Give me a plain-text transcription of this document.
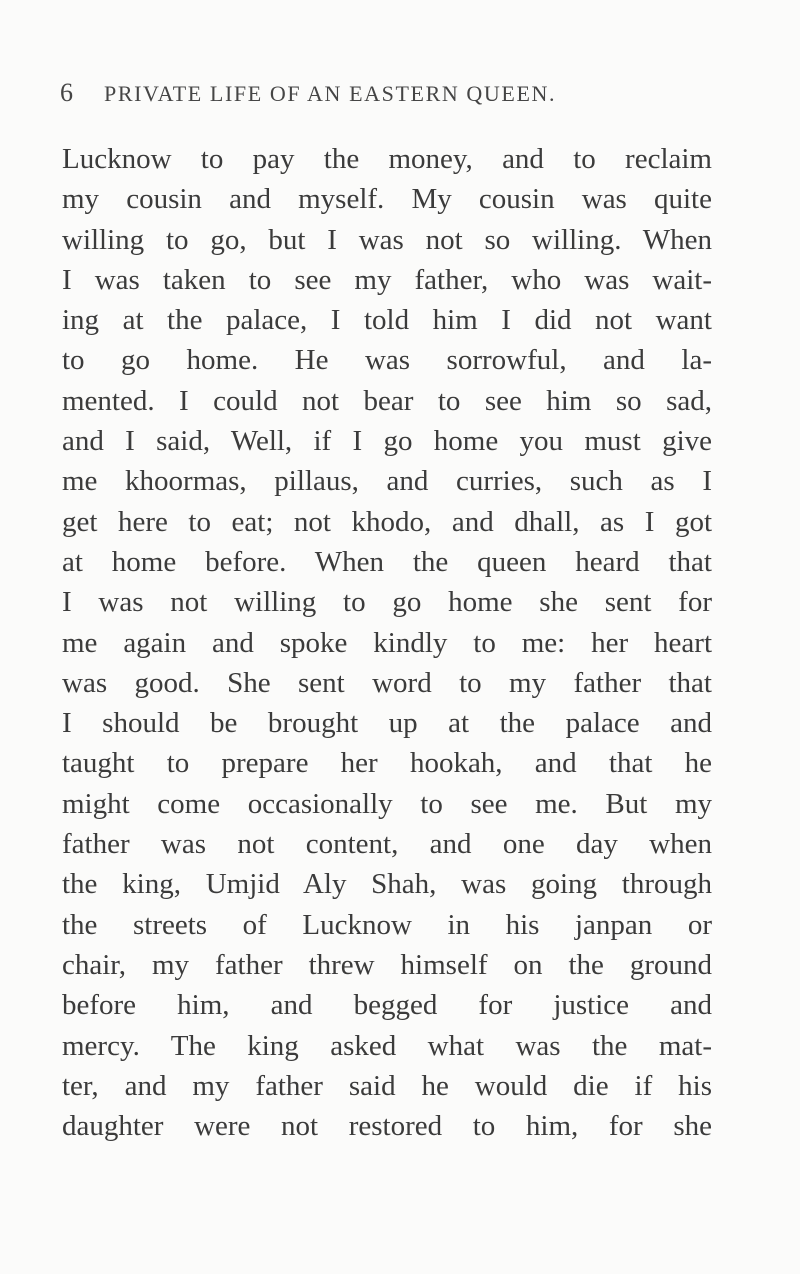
6 PRIVATE LIFE OF AN EASTERN QUEEN.
Lucknow to pay the money, and to reclaim
my cousin and myself. My cousin was quite
willing to go, but I was not so willing. When
I was taken to see my father, who was wait-
ing at the palace, I told him I did not want
to go home. He was sorrowful, and la-
mented. I could not bear to see him so sad,
and I said, Well, if I go home you must give
me khoormas, pillaus, and curries, such as I
get here to eat; not khodo, and dhall, as I got
at home before. When the queen heard that
I was not willing to go home she sent for
me again and spoke kindly to me: her heart
was good. She sent word to my father that
I should be brought up at the palace and
taught to prepare her hookah, and that he
might come occasionally to see me. But my
father was not content, and one day when
the king, Umjid Aly Shah, was going through
the streets of Lucknow in his janpan or
chair, my father threw himself on the ground
before him, and begged for justice and
mercy. The king asked what was the mat-
ter, and my father said he would die if his
daughter were not restored to him, for she
